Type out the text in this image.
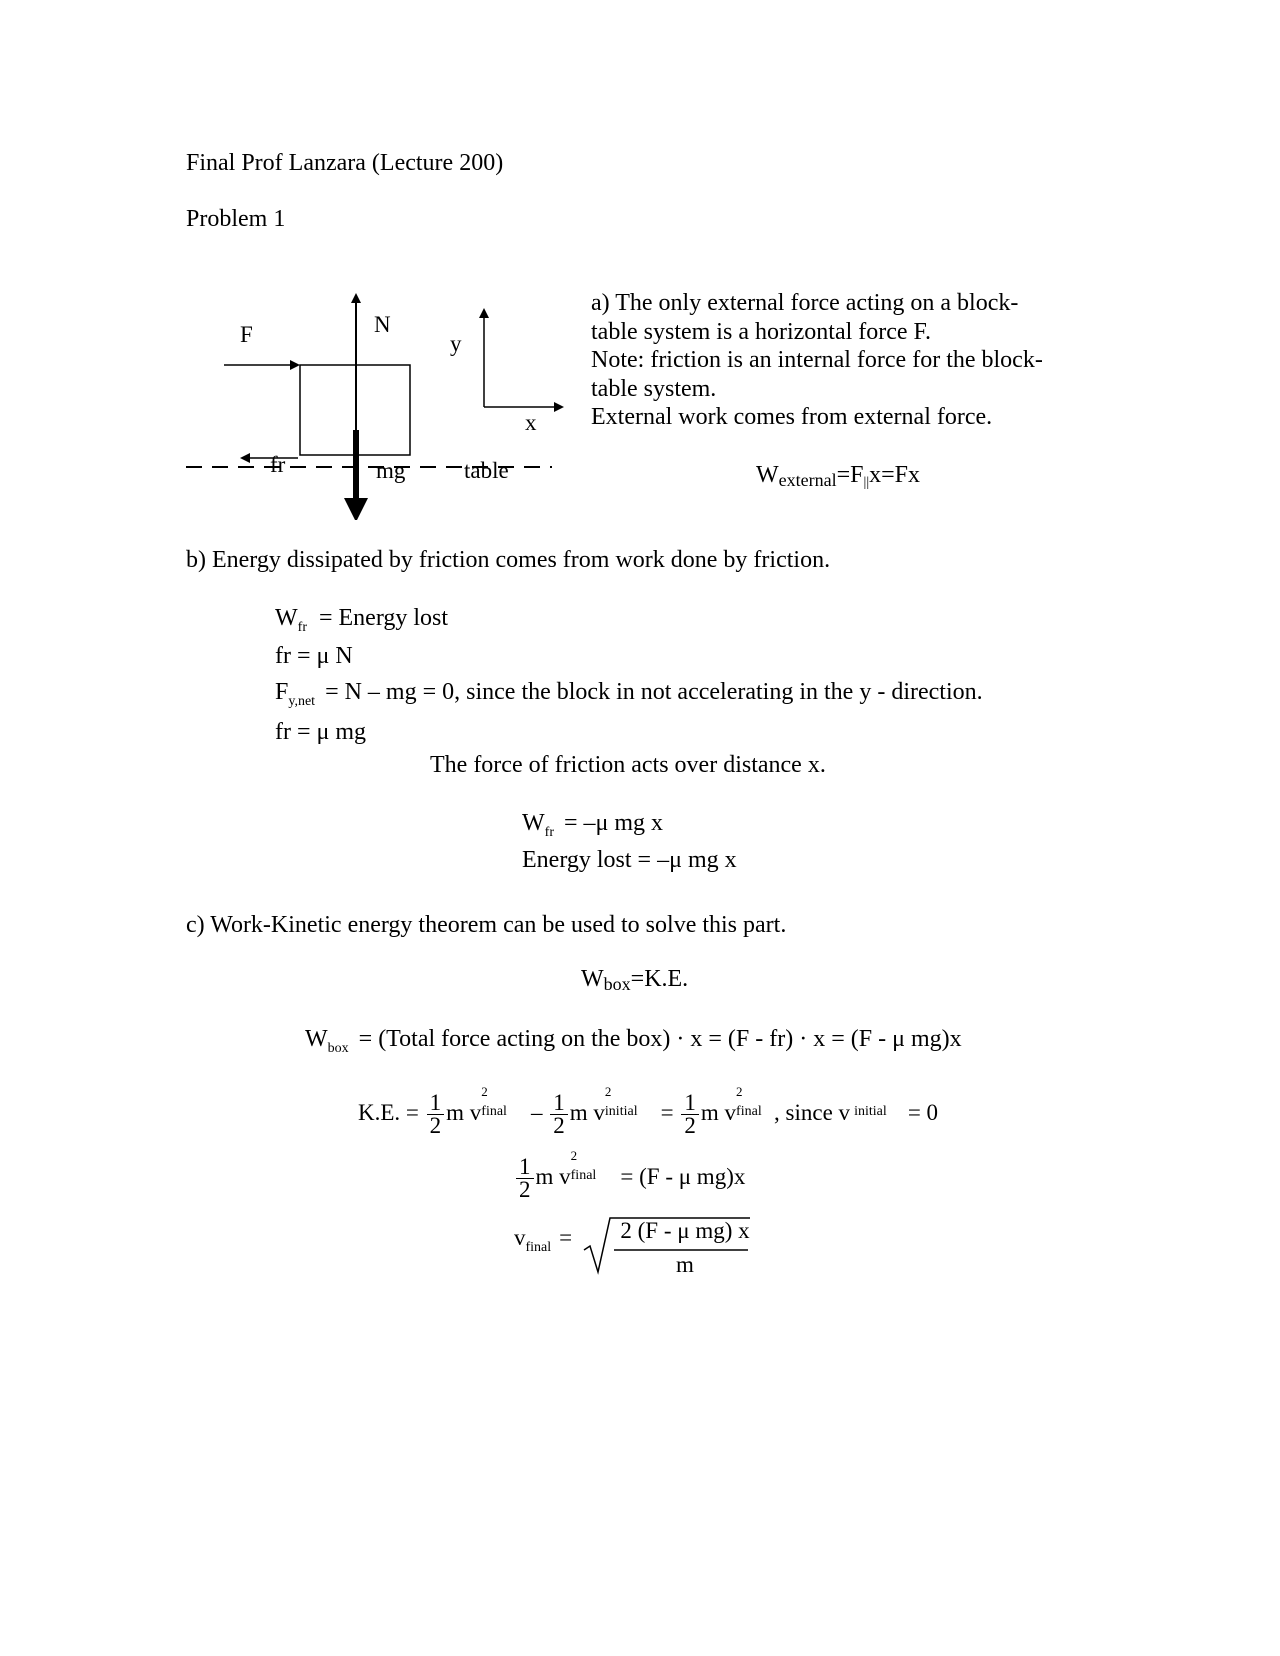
Final Prof Lanzara (Lecture 200)
Problem 1
F	N
y
x
fr	mg	table
a) The only external force acting on a block-
table system is a horizontal force F.
Note: friction is an internal force for the block-
table system.
External work comes from external force.
Wexternal=F||x=Fx
b) Energy dissipated by friction comes from work done by friction.
$W_{fr}$ = Energy lost
fr = μ N
$F_{y,net} = N$ – mg = 0, since the block in not accelerating in the y - direction.
fr = μ mg
The force of friction acts over distance x.
$W_{fr} = -\mu$ mg x
Energy lost = –μ mg x
c) Work-Kinetic energy theorem can be used to solve this part.
Wbox=K.E.
$W_{box}$ = (Total force acting on the box) · x = (F - fr) · x = (F - μ mg)x
K.E. = $\frac{1}{2}$ m v
2
final – $\frac{1}{2}$ m v
2
initial = $\frac{1}{2}$ m v
2
final , since v initial = 0
$\frac{1}{2}$ m v
2
final = (F - μ mg)x
$v_{final} = 2$ (F - μ mg) x
m
